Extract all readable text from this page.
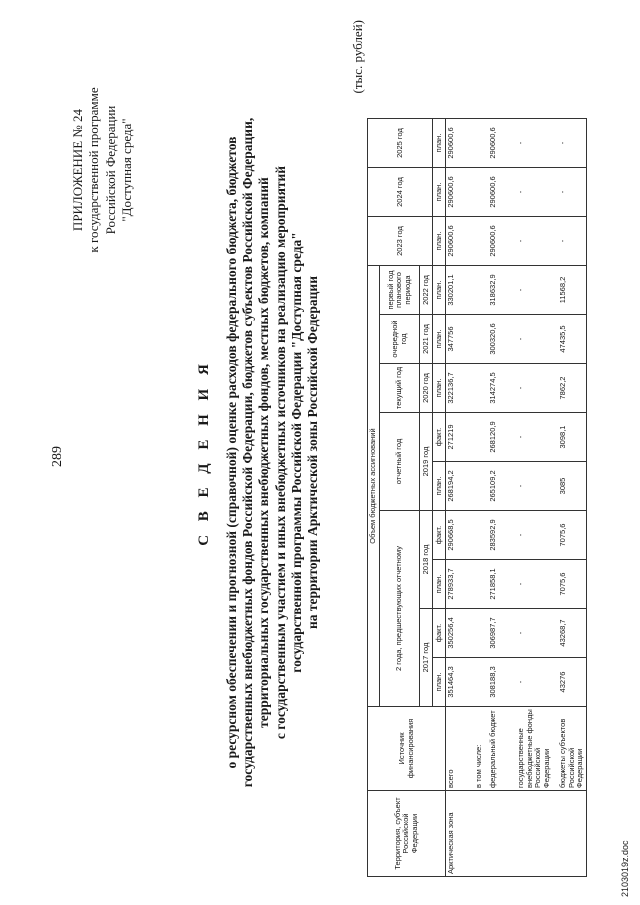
289
ПРИЛОЖЕНИЕ № 24 к государственной программе Российской Федерации "Доступная среда"
С В Е Д Е Н И Я о ресурсном обеспечении и прогнозной (справочной) оценке расходов федерального бюджета, бюджетов государственных внебюджетных фондов Российской Федерации, бюджетов субъектов Российской Федерации, территориальных государственных внебюджетных фондов, местных бюджетов, компаний с государственным участием и иных внебюджетных источников на реализацию мероприятий государственной программы Российской Федерации "Доступная среда" на территории Арктической зоны Российской Федерации
(тыс. рублей)
Территория, субъект Российской Федерации	Источник финансирования	Объем бюджетных ассигнований									2023 год	2024 год	2025 год
		2 года, предшествующих отчетному				отчетный год		текущий год	очередной год	первый год планового периода			
		2017 год		2018 год		2019 год		2020 год	2021 год	2022 год			
		план.	факт.	план.	факт.	план.	факт.	план.	план.	план.	план.	план.	план.
Арктическая зона	всего	351464,3	350256,4	278933,7	290668,5	268194,2	271219	322136,7	347756	330201,1	290600,6	290600,6	290600,6
	в том числе:												
	федеральный бюджет	308188,3	306987,7	271858,1	283592,9	265109,2	268120,9	314274,5	300320,6	318632,9	290600,6	290600,6	290600,6
	государственные внебюджетные фонды Российской Федерации	-	-	-	-	-	-	-	-	-	-	-	-
	бюджеты субъектов Российской Федерации	43276	43268,7	7075,6	7075,6	3085	3098,1	7862,2	47435,5	11568,2	-	-	-
2103019z.doc
